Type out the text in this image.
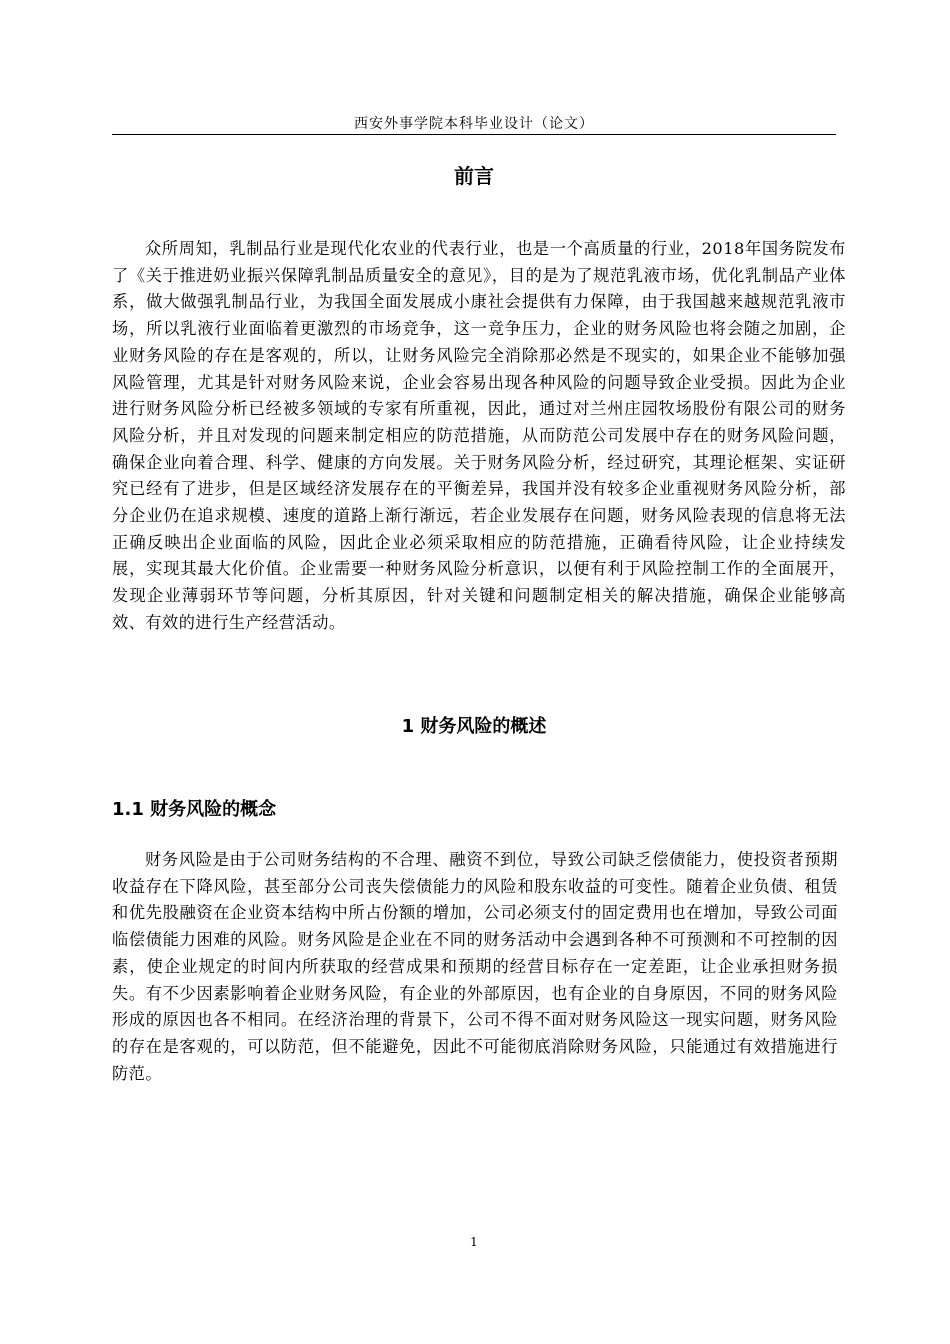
西安外事学院本科毕业设计（论文）
前言

众所周知，乳制品行业是现代化农业的代表行业，也是一个高质量的行业，2018年国务院发布了《关于推进奶业振兴保障乳制品质量安全的意见》，目的是为了规范乳液市场，优化乳制品产业体系，做大做强乳制品行业，为我国全面发展成小康社会提供有力保障，由于我国越来越规范乳液市场，所以乳液行业面临着更激烈的市场竞争，这一竞争压力，企业的财务风险也将会随之加剧，企业财务风险的存在是客观的，所以，让财务风险完全消除那必然是不现实的，如果企业不能够加强风险管理，尤其是针对财务风险来说，企业会容易出现各种风险的问题导致企业受损。因此为企业进行财务风险分析已经被多领域的专家有所重视，因此，通过对兰州庄园牧场股份有限公司的财务风险分析，并且对发现的问题来制定相应的防范措施，从而防范公司发展中存在的财务风险问题，确保企业向着合理、科学、健康的方向发展。关于财务风险分析，经过研究，其理论框架、实证研究已经有了进步，但是区域经济发展存在的平衡差异，我国并没有较多企业重视财务风险分析，部分企业仍在追求规模、速度的道路上渐行渐远，若企业发展存在问题，财务风险表现的信息将无法正确反映出企业面临的风险，因此企业必须采取相应的防范措施，正确看待风险，让企业持续发展，实现其最大化价值。企业需要一种财务风险分析意识，以便有利于风险控制工作的全面展开，发现企业薄弱环节等问题，分析其原因，针对关键和问题制定相关的解决措施，确保企业能够高效、有效的进行生产经营活动。

1 财务风险的概述
1.1 财务风险的概念

财务风险是由于公司财务结构的不合理、融资不到位，导致公司缺乏偿债能力，使投资者预期收益存在下降风险，甚至部分公司丧失偿债能力的风险和股东收益的可变性。随着企业负债、租赁和优先股融资在企业资本结构中所占份额的增加，公司必须支付的固定费用也在增加，导致公司面临偿债能力困难的风险。财务风险是企业在不同的财务活动中会遇到各种不可预测和不可控制的因素，使企业规定的时间内所获取的经营成果和预期的经营目标存在一定差距，让企业承担财务损失。有不少因素影响着企业财务风险，有企业的外部原因，也有企业的自身原因，不同的财务风险形成的原因也各不相同。在经济治理的背景下，公司不得不面对财务风险这一现实问题，财务风险的存在是客观的，可以防范，但不能避免，因此不可能彻底消除财务风险，只能通过有效措施进行防范。

1
